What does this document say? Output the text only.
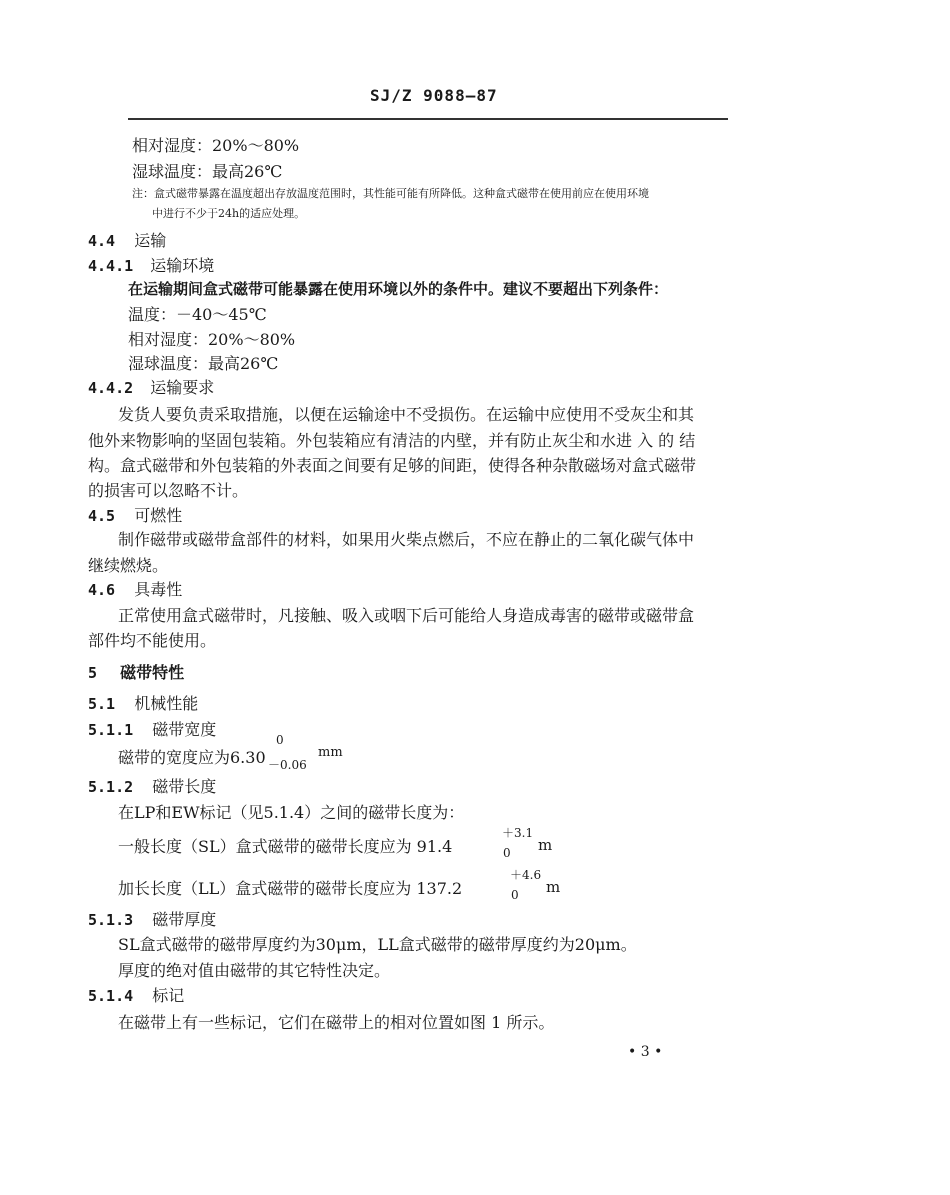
SJ/Z 9088—87
相对湿度：20%～80%
湿球温度：最高26℃
注：盒式磁带暴露在温度超出存放温度范围时，其性能可能有所降低。这种盒式磁带在使用前应在使用环境
中进行不少于24h的适应处理。
4.4 运输
4.4.1 运输环境
在运输期间盒式磁带可能暴露在使用环境以外的条件中。建议不要超出下列条件：
温度：－40～45℃
相对湿度：20%～80%
湿球温度：最高26℃
4.4.2 运输要求
发货人要负责采取措施，以便在运输途中不受损伤。在运输中应使用不受灰尘和其
他外来物影响的坚固包装箱。外包装箱应有清洁的内壁，并有防止灰尘和水进 入 的 结
构。盒式磁带和外包装箱的外表面之间要有足够的间距，使得各种杂散磁场对盒式磁带
的损害可以忽略不计。
4.5 可燃性
制作磁带或磁带盒部件的材料，如果用火柴点燃后，不应在静止的二氧化碳气体中
继续燃烧。
4.6 具毒性
正常使用盒式磁带时，凡接触、吸入或咽下后可能给人身造成毒害的磁带或磁带盒
部件均不能使用。
5 磁带特性
5.1 机械性能
5.1.1 磁带宽度
磁带的宽度应为6.30
0
－0.06
mm
5.1.2 磁带长度
在LP和EW标记（见5.1.4）之间的磁带长度为：
一般长度（SL）盒式磁带的磁带长度应为 91.4
＋3.1
0 m
加长长度（LL）盒式磁带的磁带长度应为 137.2
＋4.6
0 m
5.1.3 磁带厚度
SL盒式磁带的磁带厚度约为30μm，LL盒式磁带的磁带厚度约为20μm。
厚度的绝对值由磁带的其它特性决定。
5.1.4 标记
在磁带上有一些标记，它们在磁带上的相对位置如图 1 所示。
• 3 •
